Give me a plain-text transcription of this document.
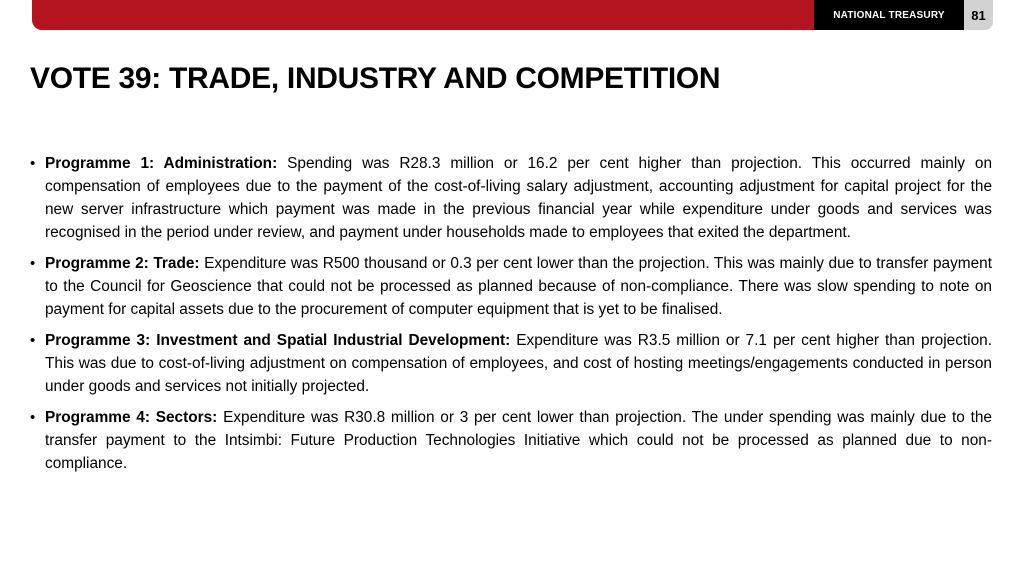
NATIONAL TREASURY	81
VOTE 39: TRADE, INDUSTRY AND COMPETITION
• Programme 1: Administration: Spending was R28.3 million or 16.2 per cent higher than projection. This occurred mainly on compensation of employees due to the payment of the cost-of-living salary adjustment, accounting adjustment for capital project for the new server infrastructure which payment was made in the previous financial year while expenditure under goods and services was recognised in the period under review, and payment under households made to employees that exited the department.
• Programme 2: Trade: Expenditure was R500 thousand or 0.3 per cent lower than the projection. This was mainly due to transfer payment to the Council for Geoscience that could not be processed as planned because of non-compliance. There was slow spending to note on payment for capital assets due to the procurement of computer equipment that is yet to be finalised.
• Programme 3: Investment and Spatial Industrial Development: Expenditure was R3.5 million or 7.1 per cent higher than projection. This was due to cost-of-living adjustment on compensation of employees, and cost of hosting meetings/engagements conducted in person under goods and services not initially projected.
• Programme 4: Sectors: Expenditure was R30.8 million or 3 per cent lower than projection. The under spending was mainly due to the transfer payment to the Intsimbi: Future Production Technologies Initiative which could not be processed as planned due to non-compliance.
